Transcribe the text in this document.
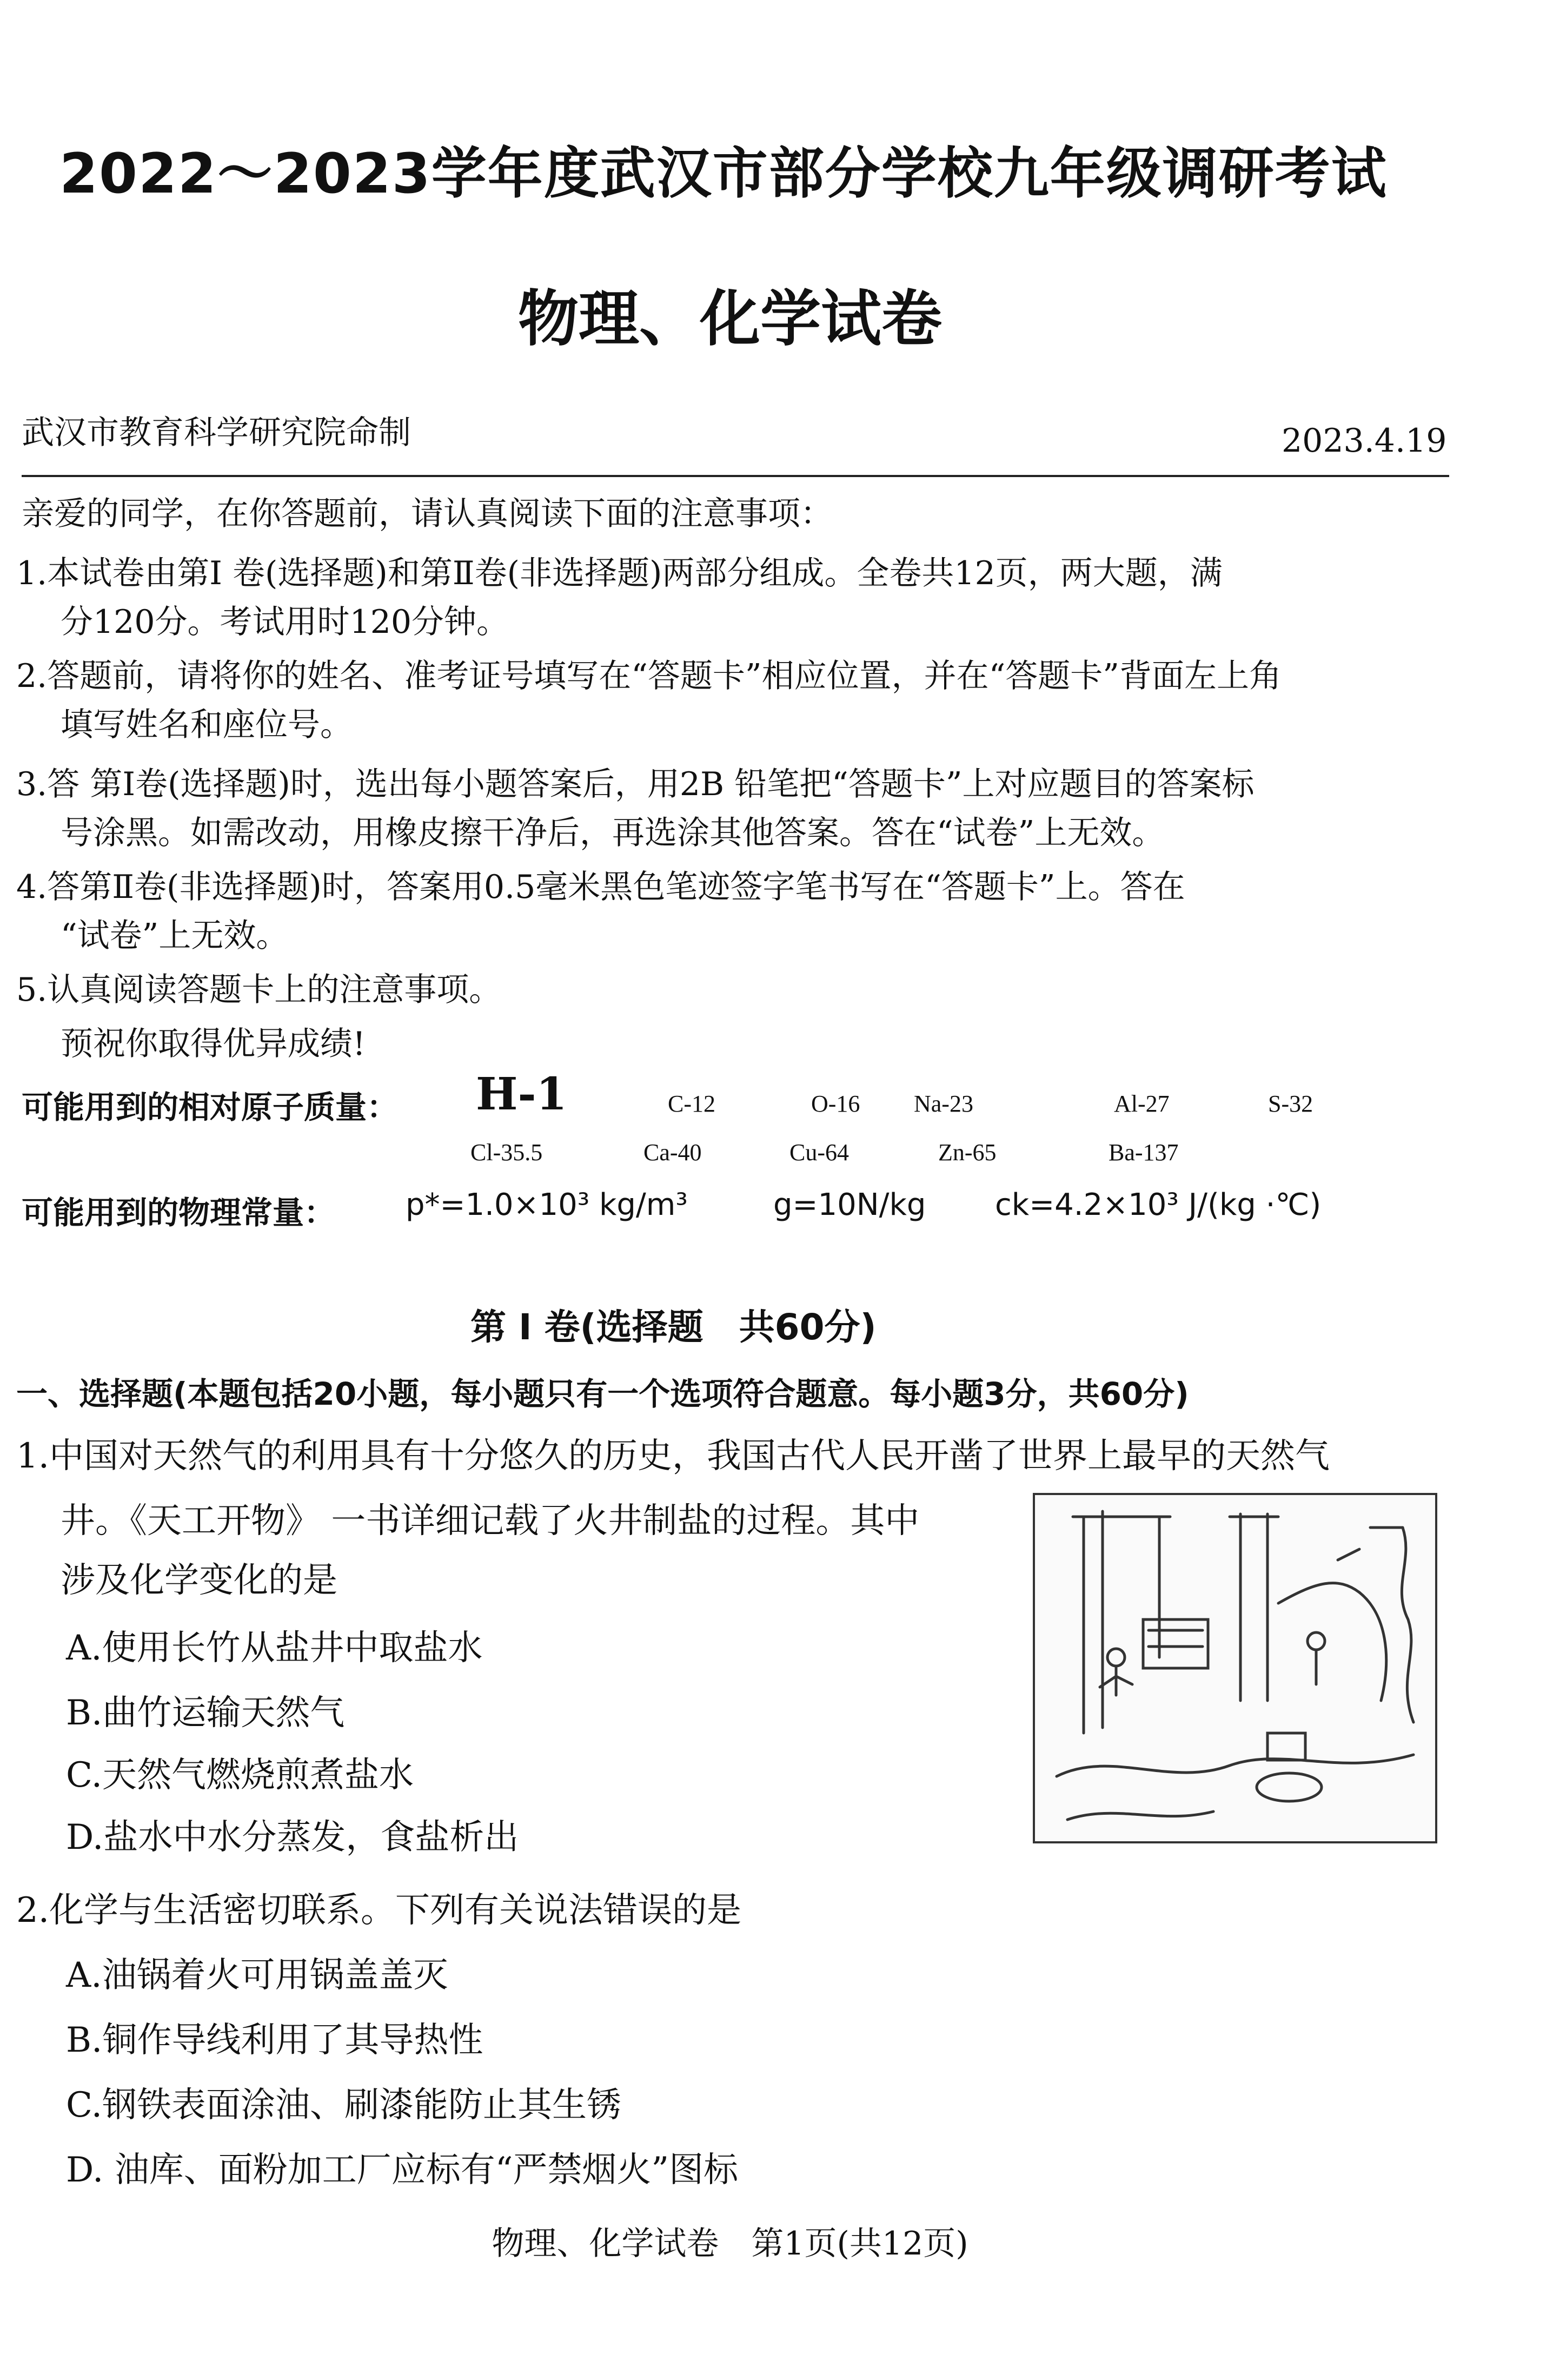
2022～2023学年度武汉市部分学校九年级调研考试
物理、化学试卷
武汉市教育科学研究院命制	2023.4.19
亲爱的同学，在你答题前，请认真阅读下面的注意事项：
1.本试卷由第Ⅰ 卷(选择题)和第Ⅱ卷(非选择题)两部分组成。全卷共12页，两大题，满
分120分。考试用时120分钟。
2.答题前，请将你的姓名、准考证号填写在“答题卡”相应位置，并在“答题卡”背面左上角
填写姓名和座位号。
3.答 第Ⅰ卷(选择题)时，选出每小题答案后，用2B 铅笔把“答题卡”上对应题目的答案标
号涂黑。如需改动，用橡皮擦干净后，再选涂其他答案。答在“试卷”上无效。
4.答第Ⅱ卷(非选择题)时，答案用0.5毫米黑色笔迹签字笔书写在“答题卡”上。答在
“试卷”上无效。
5.认真阅读答题卡上的注意事项。
预祝你取得优异成绩!
可能用到的相对原子质量： H-1	C-12	O-16 Na-23	Al-27	S-32
Cl-35.5	Ca-40	Cu-64	Zn-65	Ba-137
可能用到的物理常量： p*=1.0×10³ kg/m³	g=10N/kg ck=4.2×10³ J/(kg ·℃)
第 Ⅰ 卷(选择题　共60分)
一、选择题(本题包括20小题，每小题只有一个选项符合题意。每小题3分，共60分)
1.中国对天然气的利用具有十分悠久的历史，我国古代人民开凿了世界上最早的天然气
井。《天工开物》 一书详细记载了火井制盐的过程。其中
涉及化学变化的是
A.使用长竹从盐井中取盐水
B.曲竹运输天然气
C.天然气燃烧煎煮盐水
D.盐水中水分蒸发，食盐析出
2.化学与生活密切联系。下列有关说法错误的是
A.油锅着火可用锅盖盖灭
B.铜作导线利用了其导热性
C.钢铁表面涂油、刷漆能防止其生锈
D. 油库、面粉加工厂应标有“严禁烟火”图标
物理、化学试卷　第1页(共12页)
